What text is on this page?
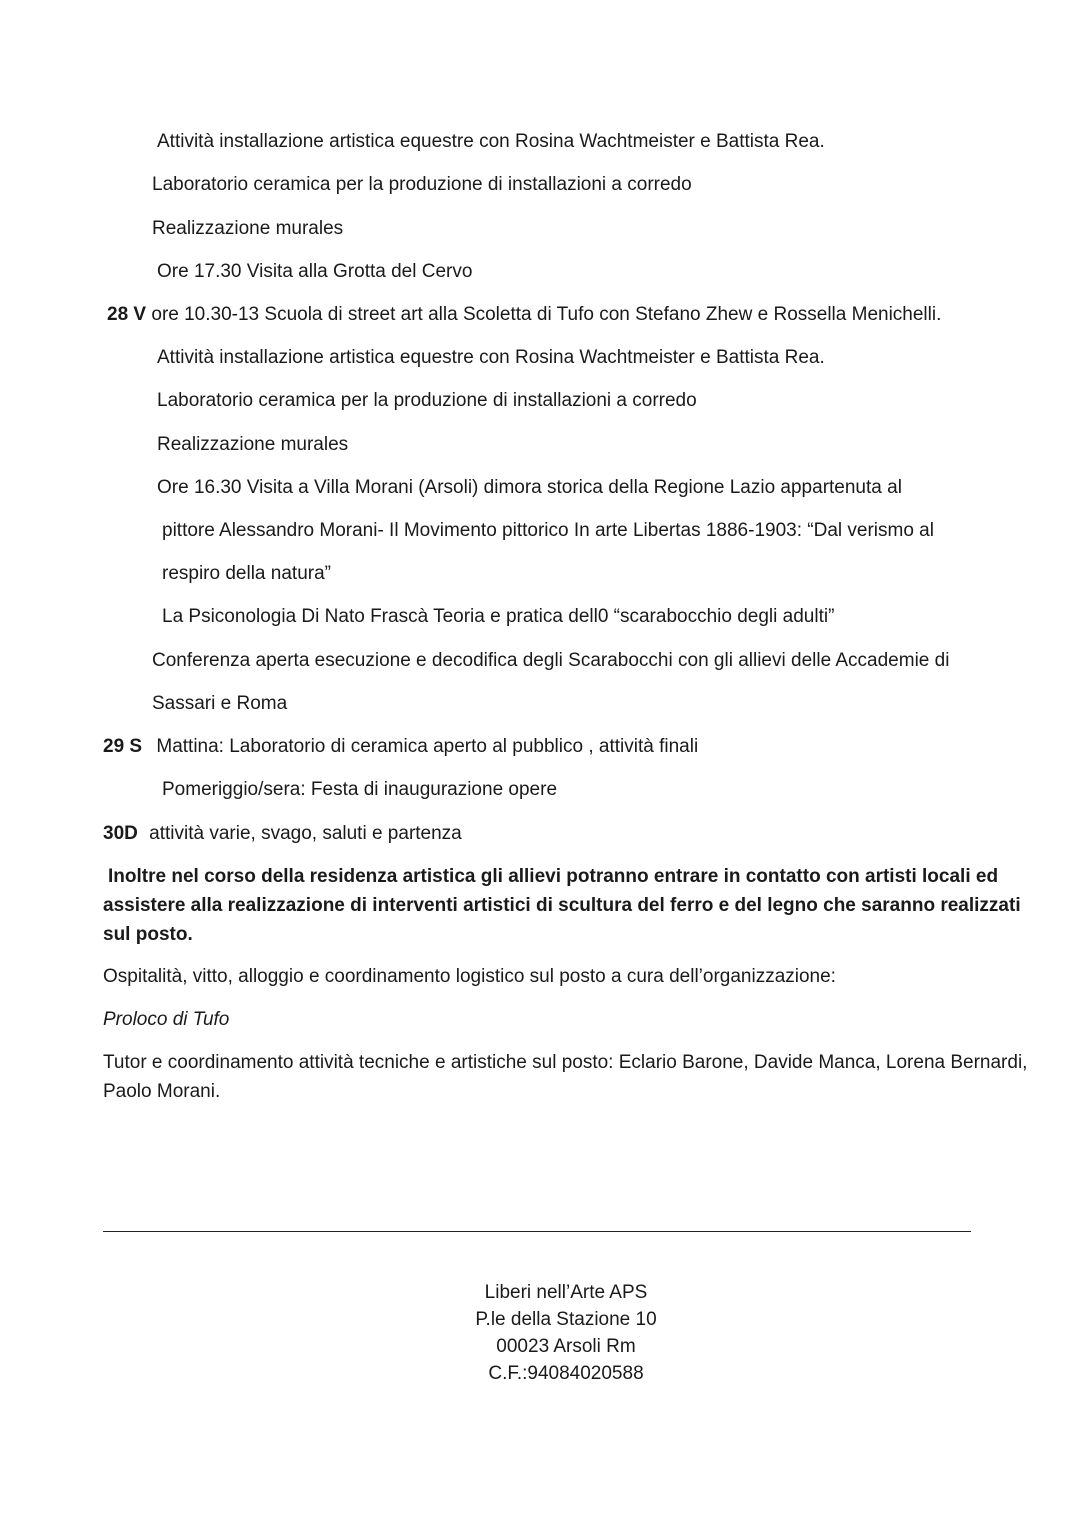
Attività installazione artistica equestre con Rosina Wachtmeister e Battista Rea.
Laboratorio ceramica per la produzione di installazioni a corredo
Realizzazione murales
Ore 17.30 Visita alla Grotta del Cervo
28 V ore 10.30-13 Scuola di street art alla Scoletta di Tufo con Stefano Zhew e Rossella Menichelli.
Attività installazione artistica equestre con Rosina Wachtmeister e Battista Rea.
Laboratorio ceramica per la produzione di installazioni a corredo
Realizzazione murales
Ore 16.30 Visita a Villa Morani (Arsoli) dimora storica della Regione Lazio appartenuta al
pittore Alessandro Morani- Il Movimento pittorico In arte Libertas 1886-1903: “Dal verismo al
respiro della natura”
La Psiconologia Di Nato Frascà Teoria e pratica dell0 “scarabocchio degli adulti”
Conferenza aperta esecuzione e decodifica degli Scarabocchi con gli allievi delle Accademie di
Sassari e Roma
29 S Mattina: Laboratorio di ceramica aperto al pubblico , attività finali
Pomeriggio/sera: Festa di inaugurazione opere
30D attività varie, svago, saluti e partenza
Inoltre nel corso della residenza artistica gli allievi potranno entrare in contatto con artisti locali ed assistere alla realizzazione di interventi artistici di scultura del ferro e del legno che saranno realizzati sul posto.
Ospitalità, vitto, alloggio e coordinamento logistico sul posto a cura dell’organizzazione:
Proloco di Tufo
Tutor e coordinamento attività tecniche e artistiche sul posto: Eclario Barone, Davide Manca, Lorena Bernardi, Paolo Morani.
Liberi nell’Arte APS
P.le della Stazione 10
00023 Arsoli Rm
C.F.:94084020588
